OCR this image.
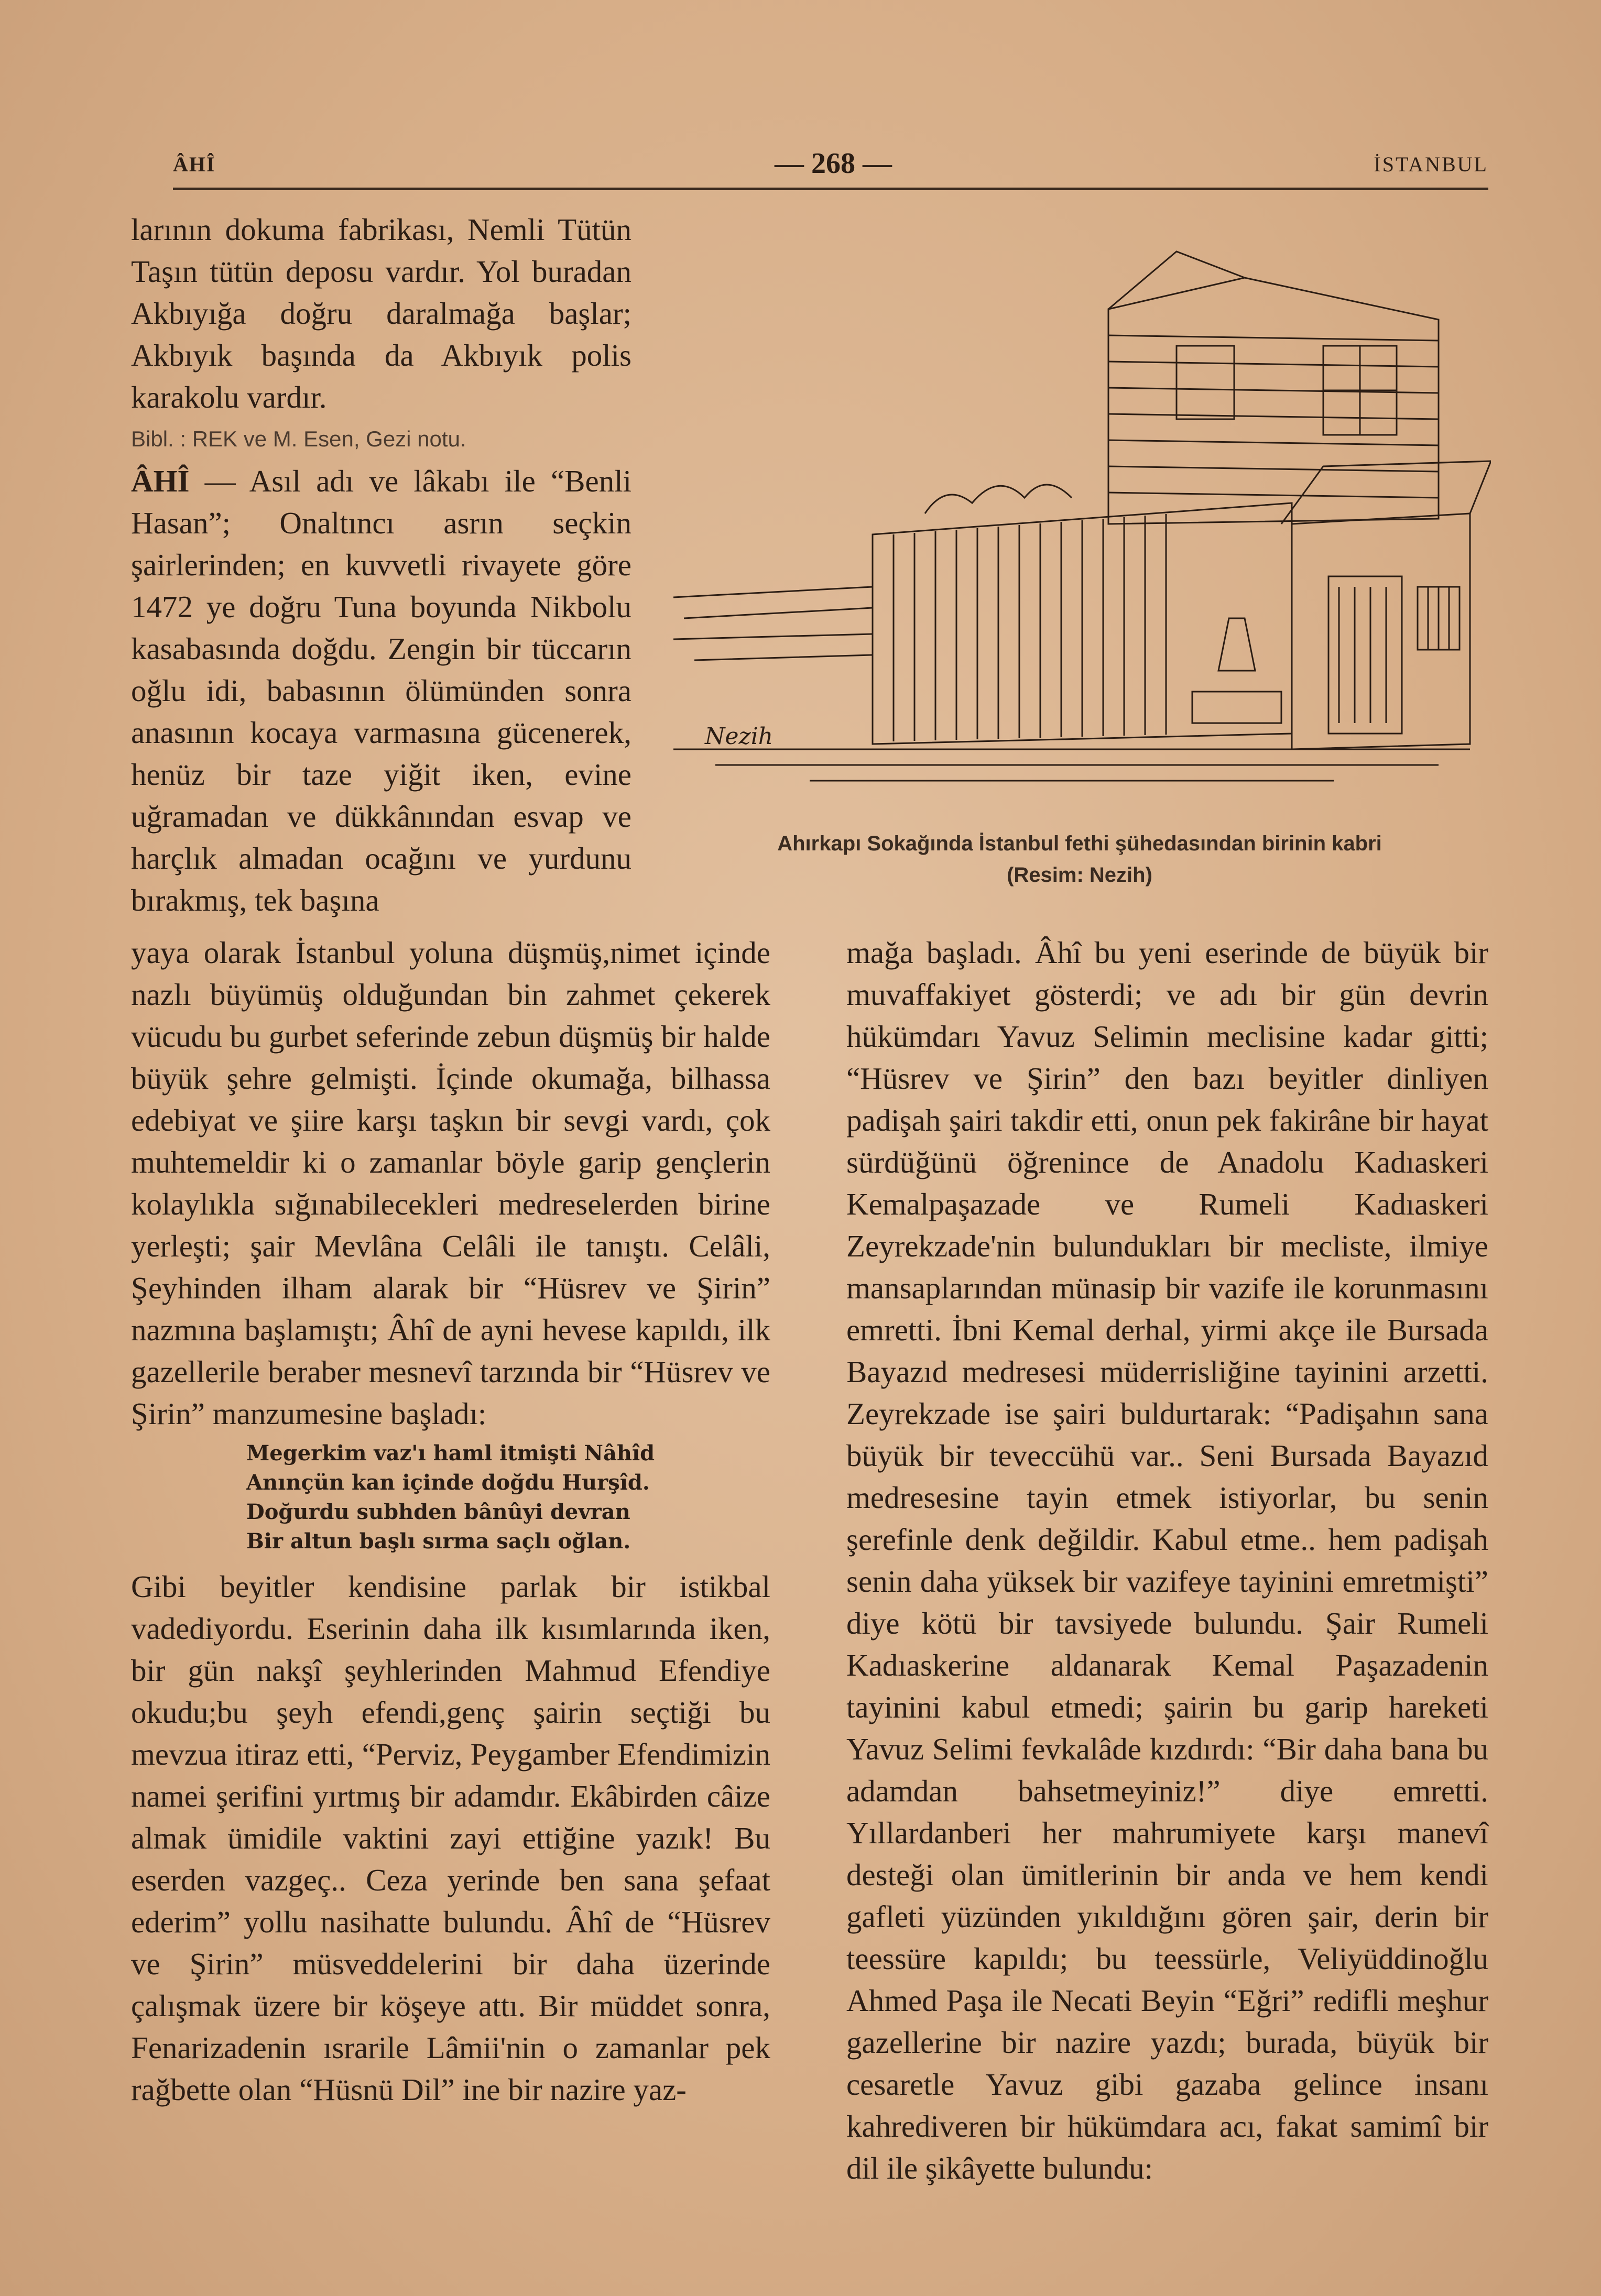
ÂHÎ	— 268 —	İSTANBUL

larının dokuma fabrikası, Nemli Tütün Taşın tütün deposu vardır. Yol buradan Akbıyığa doğru daralmağa başlar; Akbıyık başında da Akbıyık polis karakolu vardır.

Bibl. : REK ve M. Esen, Gezi notu.

ÂHÎ — Asıl adı ve lâkabı ile “Benli Hasan”; Onaltıncı asrın seçkin şairlerinden; en kuvvetli rivayete göre 1472 ye doğru Tuna boyunda Nikbolu kasabasında doğdu. Zengin bir tüccarın oğlu idi, babasının ölümünden sonra anasının kocaya varmasına gücenerek, henüz bir taze yiğit iken, evine uğramadan ve dükkânından esvap ve harçlık almadan ocağını ve yurdunu bırakmış, tek başına

Nezih
Ahırkapı Sokağında İstanbul fethi şühedasından birinin kabri
(Resim: Nezih)

yaya olarak İstanbul yoluna düşmüş,nimet içinde nazlı büyümüş olduğundan bin zahmet çekerek vücudu bu gurbet seferinde zebun düşmüş bir halde büyük şehre gelmişti. İçinde okumağa, bilhassa edebiyat ve şiire karşı taşkın bir sevgi vardı, çok muhtemeldir ki o zamanlar böyle garip gençlerin kolaylıkla sığınabilecekleri medreselerden birine yerleşti; şair Mevlâna Celâli ile tanıştı. Celâli, Şeyhinden ilham alarak bir “Hüsrev ve Şirin” nazmına başlamıştı; Âhî de ayni hevese kapıldı, ilk gazellerile beraber mesnevî tarzında bir “Hüsrev ve Şirin” manzumesine başladı:

Megerkim vaz'ı haml itmişti Nâhîd
Anınçün kan içinde doğdu Hurşîd.
Doğurdu subhden bânûyi devran
Bir altun başlı sırma saçlı oğlan.

Gibi beyitler kendisine parlak bir istikbal vadediyordu. Eserinin daha ilk kısımlarında iken, bir gün nakşî şeyhlerinden Mahmud Efendiye okudu;bu şeyh efendi,genç şairin seçtiği bu mevzua itiraz etti, “Perviz, Peygamber Efendimizin namei şerifini yırtmış bir adamdır. Ekâbirden câize almak ümidile vaktini zayi ettiğine yazık! Bu eserden vazgeç.. Ceza yerinde ben sana şefaat ederim” yollu nasihatte bulundu. Âhî de “Hüsrev ve Şirin” müsveddelerini bir daha üzerinde çalışmak üzere bir köşeye attı. Bir müddet sonra, Fenarizadenin ısrarile Lâmii'nin o zamanlar pek rağbette olan “Hüsnü Dil” ine bir nazire yaz-

mağa başladı. Âhî bu yeni eserinde de büyük bir muvaffakiyet gösterdi; ve adı bir gün devrin hükümdarı Yavuz Selimin meclisine kadar gitti; “Hüsrev ve Şirin” den bazı beyitler dinliyen padişah şairi takdir etti, onun pek fakirâne bir hayat sürdüğünü öğrenince de Anadolu Kadıaskeri Kemalpaşazade ve Rumeli Kadıaskeri Zeyrekzade'nin bulundukları bir mecliste, ilmiye mansaplarından münasip bir vazife ile korunmasını emretti. İbni Kemal derhal, yirmi akçe ile Bursada Bayazıd medresesi müderrisliğine tayinini arzetti. Zeyrekzade ise şairi buldurtarak: “Padişahın sana büyük bir teveccühü var.. Seni Bursada Bayazıd medresesine tayin etmek istiyorlar, bu senin şerefinle denk değildir. Kabul etme.. hem padişah senin daha yüksek bir vazifeye tayinini emretmişti” diye kötü bir tavsiyede bulundu. Şair Rumeli Kadıaskerine aldanarak Kemal Paşazadenin tayinini kabul etmedi; şairin bu garip hareketi Yavuz Selimi fevkalâde kızdırdı: “Bir daha bana bu adamdan bahsetmeyiniz!” diye emretti. Yıllardanberi her mahrumiyete karşı manevî desteği olan ümitlerinin bir anda ve hem kendi gafleti yüzünden yıkıldığını gören şair, derin bir teessüre kapıldı; bu teessürle, Veliyüddinoğlu Ahmed Paşa ile Necati Beyin “Eğri” redifli meşhur gazellerine bir nazire yazdı; burada, büyük bir cesaretle Yavuz gibi gazaba gelince insanı kahrediveren bir hükümdara acı, fakat samimî bir dil ile şikâyette bulundu:
